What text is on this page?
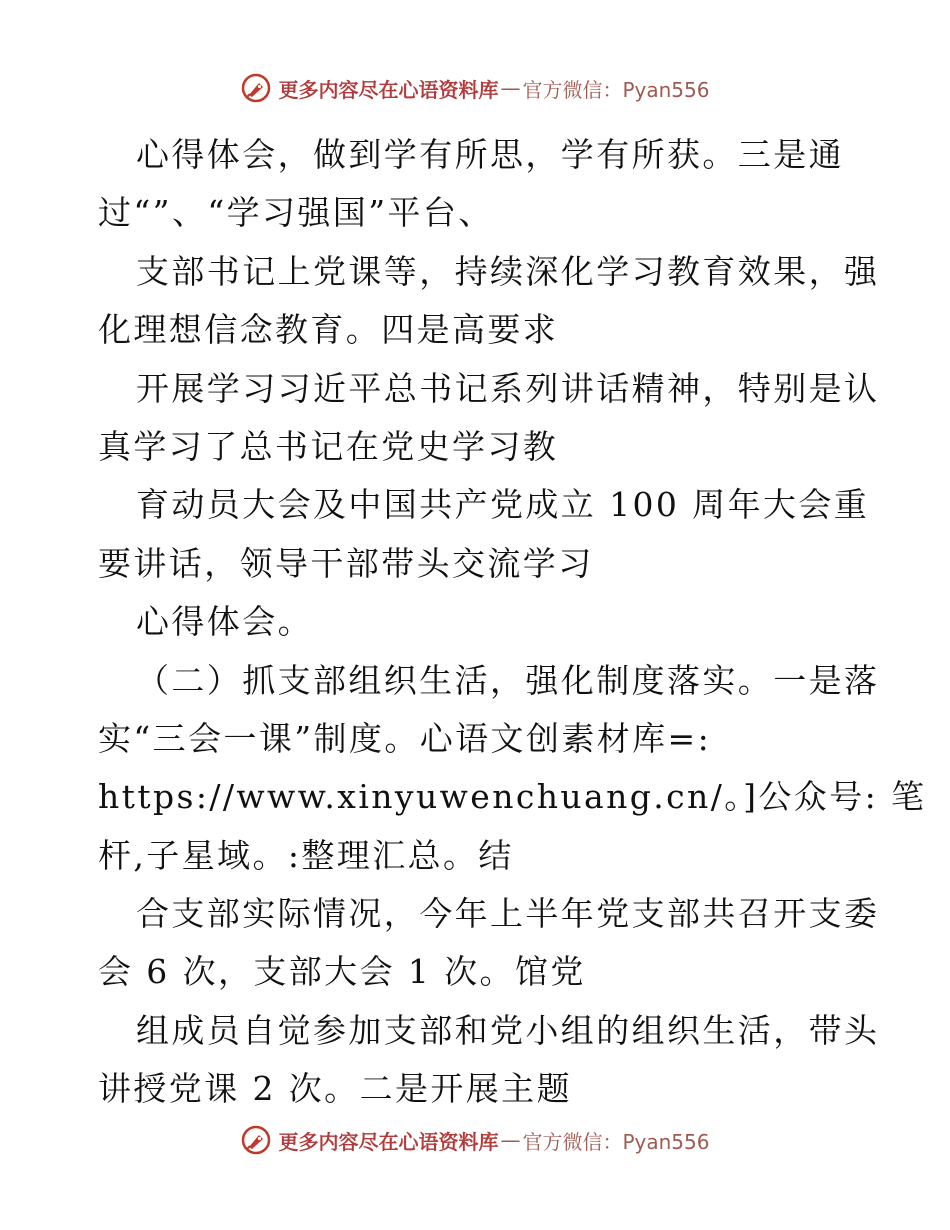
更多内容尽在心语资料库 — 官方微信：Pyan556
心得体会，做到学有所思，学有所获。三是通
过“”、“学习强国”平台、
支部书记上党课等，持续深化学习教育效果，强
化理想信念教育。四是高要求
开展学习习近平总书记系列讲话精神，特别是认
真学习了总书记在党史学习教
育动员大会及中国共产党成立 100 周年大会重
要讲话，领导干部带头交流学习
心得体会。
（二）抓支部组织生活，强化制度落实。一是落
实“三会一课”制度。心语文创素材库=:
https://www.xinyuwenchuang.cn/。]公众号: 笔
杆,子星域。:整理汇总。结
合支部实际情况，今年上半年党支部共召开支委
会 6 次，支部大会 1 次。馆党
组成员自觉参加支部和党小组的组织生活，带头
讲授党课 2 次。二是开展主题
更多内容尽在心语资料库 — 官方微信：Pyan556
